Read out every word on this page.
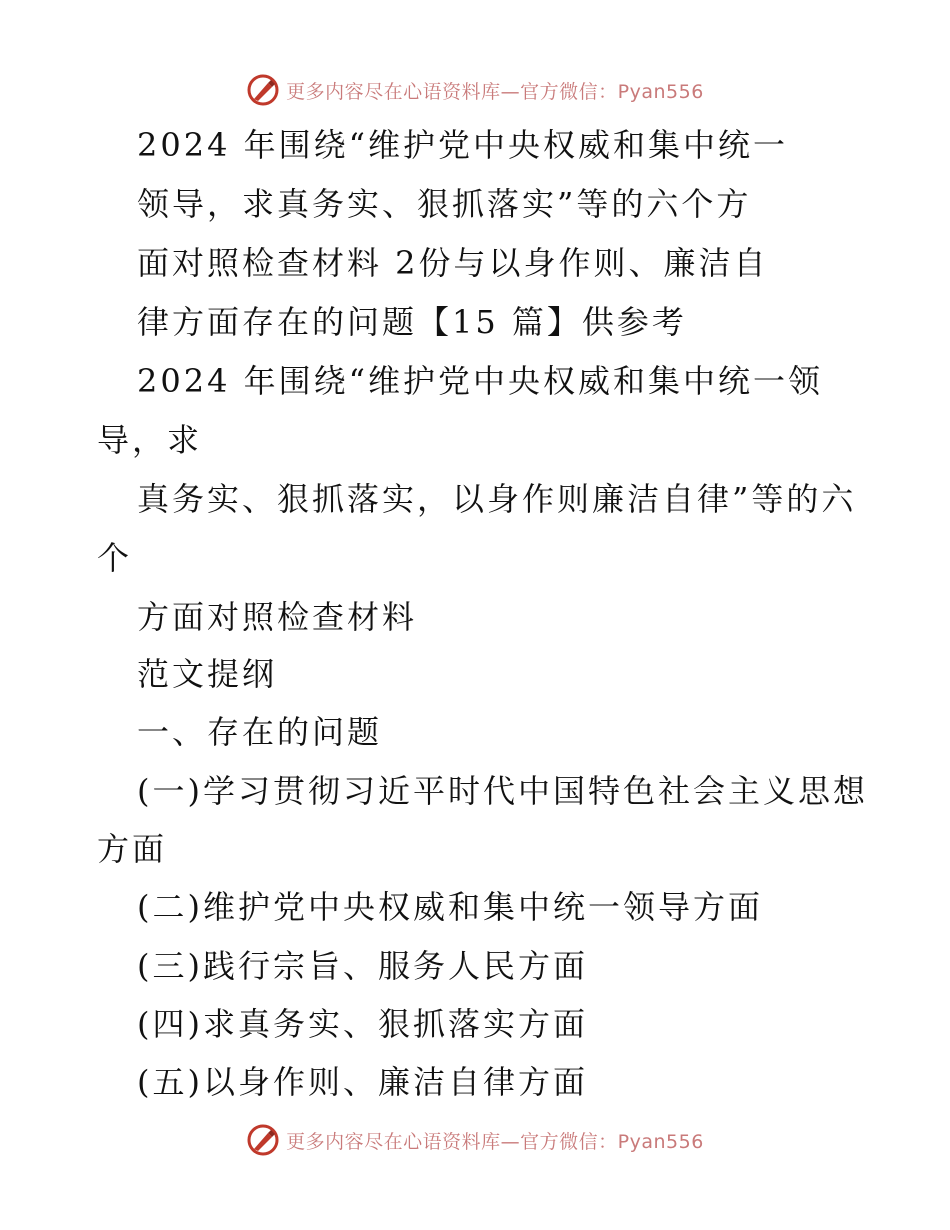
更多内容尽在心语资料库—官方微信：Pyan556
2024 年围绕“维护党中央权威和集中统一
领导，求真务实、狠抓落实”等的六个方
面对照检查材料 2份与以身作则、廉洁自
律方面存在的问题【15 篇】供参考
2024 年围绕“维护党中央权威和集中统一领
导，求
真务实、狠抓落实，以身作则廉洁自律”等的六
个
方面对照检查材料
范文提纲
一、存在的问题
(一)学习贯彻习近平时代中国特色社会主义思想
方面
(二)维护党中央权威和集中统一领导方面
(三)践行宗旨、服务人民方面
(四)求真务实、狠抓落实方面
(五)以身作则、廉洁自律方面
更多内容尽在心语资料库—官方微信：Pyan556
